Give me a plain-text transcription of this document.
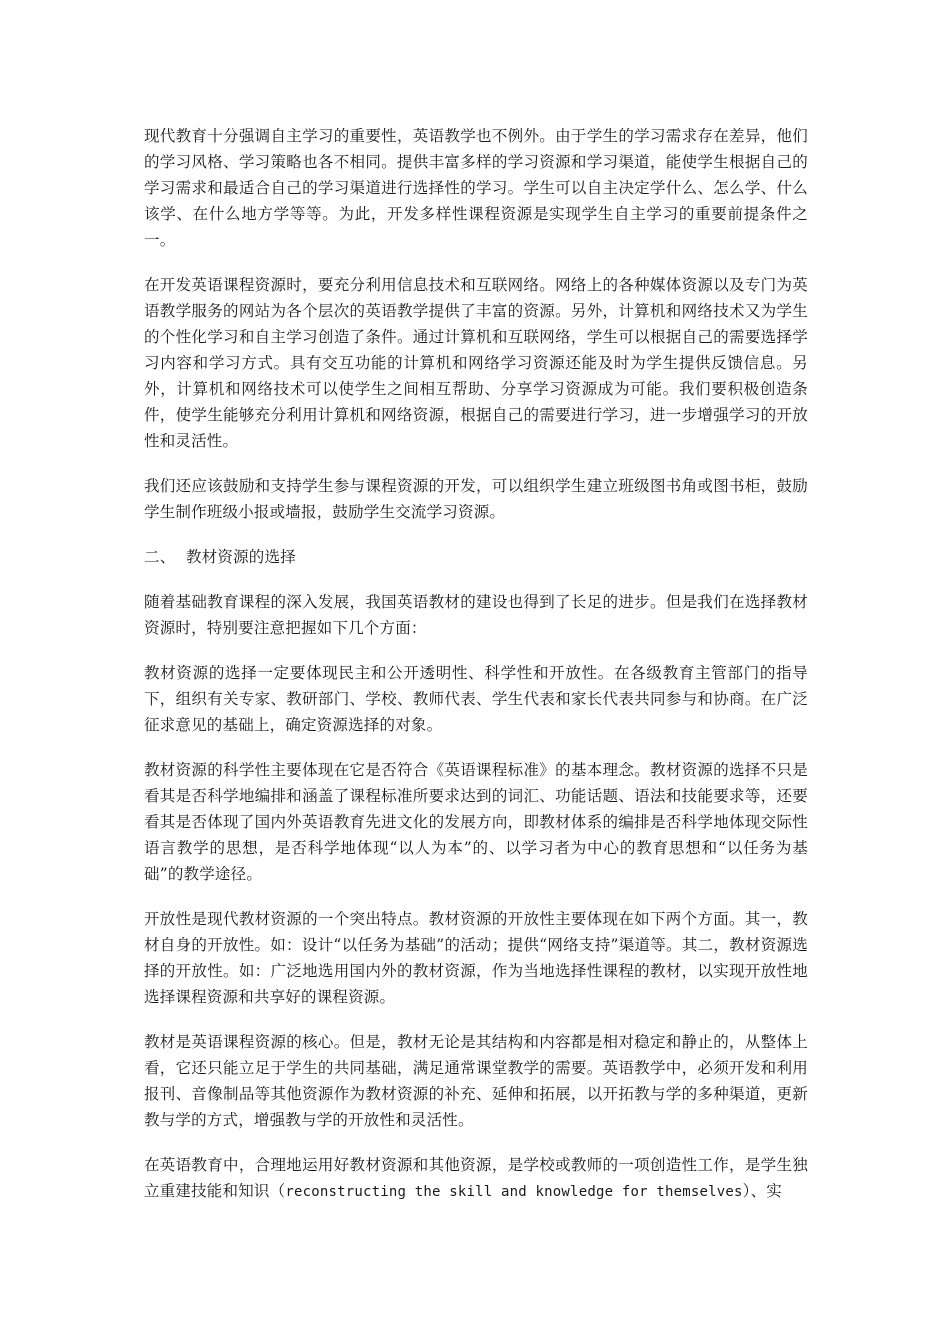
现代教育十分强调自主学习的重要性，英语教学也不例外。由于学生的学习需求存在差异，他们的学习风格、学习策略也各不相同。提供丰富多样的学习资源和学习渠道，能使学生根据自己的学习需求和最适合自己的学习渠道进行选择性的学习。学生可以自主决定学什么、怎么学、什么该学、在什么地方学等等。为此，开发多样性课程资源是实现学生自主学习的重要前提条件之一。

在开发英语课程资源时，要充分利用信息技术和互联网络。网络上的各种媒体资源以及专门为英语教学服务的网站为各个层次的英语教学提供了丰富的资源。另外，计算机和网络技术又为学生的个性化学习和自主学习创造了条件。通过计算机和互联网络，学生可以根据自己的需要选择学习内容和学习方式。具有交互功能的计算机和网络学习资源还能及时为学生提供反馈信息。另外，计算机和网络技术可以使学生之间相互帮助、分享学习资源成为可能。我们要积极创造条件，使学生能够充分利用计算机和网络资源，根据自己的需要进行学习，进一步增强学习的开放性和灵活性。

我们还应该鼓励和支持学生参与课程资源的开发，可以组织学生建立班级图书角或图书柜，鼓励学生制作班级小报或墙报，鼓励学生交流学习资源。

二、 教材资源的选择

随着基础教育课程的深入发展，我国英语教材的建设也得到了长足的进步。但是我们在选择教材资源时，特别要注意把握如下几个方面：

教材资源的选择一定要体现民主和公开透明性、科学性和开放性。在各级教育主管部门的指导下，组织有关专家、教研部门、学校、教师代表、学生代表和家长代表共同参与和协商。在广泛征求意见的基础上，确定资源选择的对象。

教材资源的科学性主要体现在它是否符合《英语课程标准》的基本理念。教材资源的选择不只是看其是否科学地编排和涵盖了课程标准所要求达到的词汇、功能话题、语法和技能要求等，还要看其是否体现了国内外英语教育先进文化的发展方向，即教材体系的编排是否科学地体现交际性语言教学的思想，是否科学地体现“以人为本”的、以学习者为中心的教育思想和“以任务为基础”的教学途径。

开放性是现代教材资源的一个突出特点。教材资源的开放性主要体现在如下两个方面。其一，教材自身的开放性。如：设计“以任务为基础”的活动；提供“网络支持”渠道等。其二，教材资源选择的开放性。如：广泛地选用国内外的教材资源，作为当地选择性课程的教材，以实现开放性地选择课程资源和共享好的课程资源。

教材是英语课程资源的核心。但是，教材无论是其结构和内容都是相对稳定和静止的，从整体上看，它还只能立足于学生的共同基础，满足通常课堂教学的需要。英语教学中，必须开发和利用报刊、音像制品等其他资源作为教材资源的补充、延伸和拓展，以开拓教与学的多种渠道，更新教与学的方式，增强教与学的开放性和灵活性。

在英语教育中，合理地运用好教材资源和其他资源，是学校或教师的一项创造性工作，是学生独立重建技能和知识（reconstructing the skill and knowledge for themselves）、实
